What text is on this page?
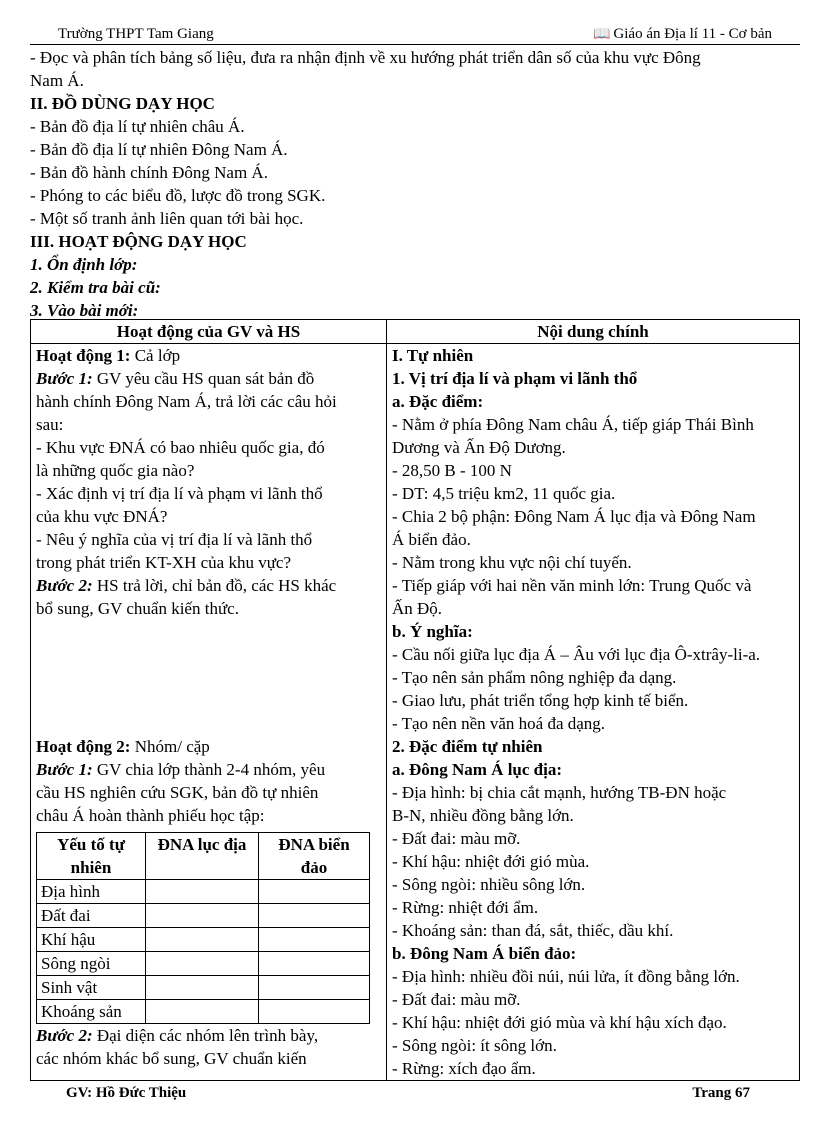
Trường THPT Tam Giang	📖 Giáo án Địa lí 11 - Cơ bản

- Đọc và phân tích bảng số liệu, đưa ra nhận định về xu hướng phát triển dân số của khu vực Đông

Nam Á.

II. ĐỒ DÙNG DẠY HỌC

- Bản đồ địa lí tự nhiên châu Á.

- Bản đồ địa lí tự nhiên Đông Nam Á.

- Bản đồ hành chính Đông Nam Á.

- Phóng to các biểu đồ, lược đồ trong SGK.

- Một số tranh ảnh liên quan tới bài học.

III. HOẠT ĐỘNG DẠY HỌC

1. Ổn định lớp:

2. Kiểm tra bài cũ:

3. Vào bài mới:

Hoạt động của GV và HS	Nội dung chính

Hoạt động 1: Cả lớp

Bước 1: GV yêu cầu HS quan sát bản đồ

hành chính Đông Nam Á, trả lời các câu hỏi

sau:

- Khu vực ĐNÁ có bao nhiêu quốc gia, đó

là những quốc gia nào?

- Xác định vị trí địa lí và phạm vi lãnh thổ

của khu vực ĐNÁ?

- Nêu ý nghĩa của vị trí địa lí và lãnh thổ

trong phát triển KT-XH của khu vực?

Bước 2: HS trả lời, chỉ bản đồ, các HS khác

bổ sung, GV chuẩn kiến thức.

Hoạt động 2: Nhóm/ cặp

Bước 1: GV chia lớp thành 2-4 nhóm, yêu

cầu HS nghiên cứu SGK, bản đồ tự nhiên

châu Á hoàn thành phiếu học tập:

Yếu tố tự nhiên	ĐNA lục địa	ĐNA biển đảo
Địa hình		
Đất đai		
Khí hậu		
Sông ngòi		
Sinh vật		
Khoáng sản		

Bước 2: Đại diện các nhóm lên trình bày,

các nhóm khác bổ sung, GV chuẩn kiến

I. Tự nhiên

1. Vị trí địa lí và phạm vi lãnh thổ

a. Đặc điểm:

- Nằm ở phía Đông Nam châu Á, tiếp giáp Thái Bình

Dương và Ấn Độ Dương.

- 28,50 B - 100 N

- DT: 4,5 triệu km2, 11 quốc gia.

- Chia 2 bộ phận: Đông Nam Á lục địa và Đông Nam

Á biển đảo.

- Nằm trong khu vực nội chí tuyến.

- Tiếp giáp với hai nền văn minh lớn: Trung Quốc và

Ấn Độ.

b. Ý nghĩa:

- Cầu nối giữa lục địa Á – Âu với lục địa Ô-xtrây-li-a.

- Tạo nên sản phẩm nông nghiệp đa dạng.

- Giao lưu, phát triển tổng hợp kinh tế biển.

- Tạo nên nền văn hoá đa dạng.

2. Đặc điểm tự nhiên

a. Đông Nam Á lục địa:

- Địa hình: bị chia cắt mạnh, hướng TB-ĐN hoặc

B-N, nhiều đồng bằng lớn.

- Đất đai: màu mỡ.

- Khí hậu: nhiệt đới gió mùa.

- Sông ngòi: nhiều sông lớn.

- Rừng: nhiệt đới ẩm.

- Khoáng sản: than đá, sắt, thiếc, dầu khí.

b. Đông Nam Á biển đảo:

- Địa hình: nhiều đồi núi, núi lửa, ít đồng bằng lớn.

- Đất đai: màu mỡ.

- Khí hậu: nhiệt đới gió mùa và khí hậu xích đạo.

- Sông ngòi: ít sông lớn.

- Rừng: xích đạo ẩm.

GV: Hồ Đức Thiệu	Trang 67
